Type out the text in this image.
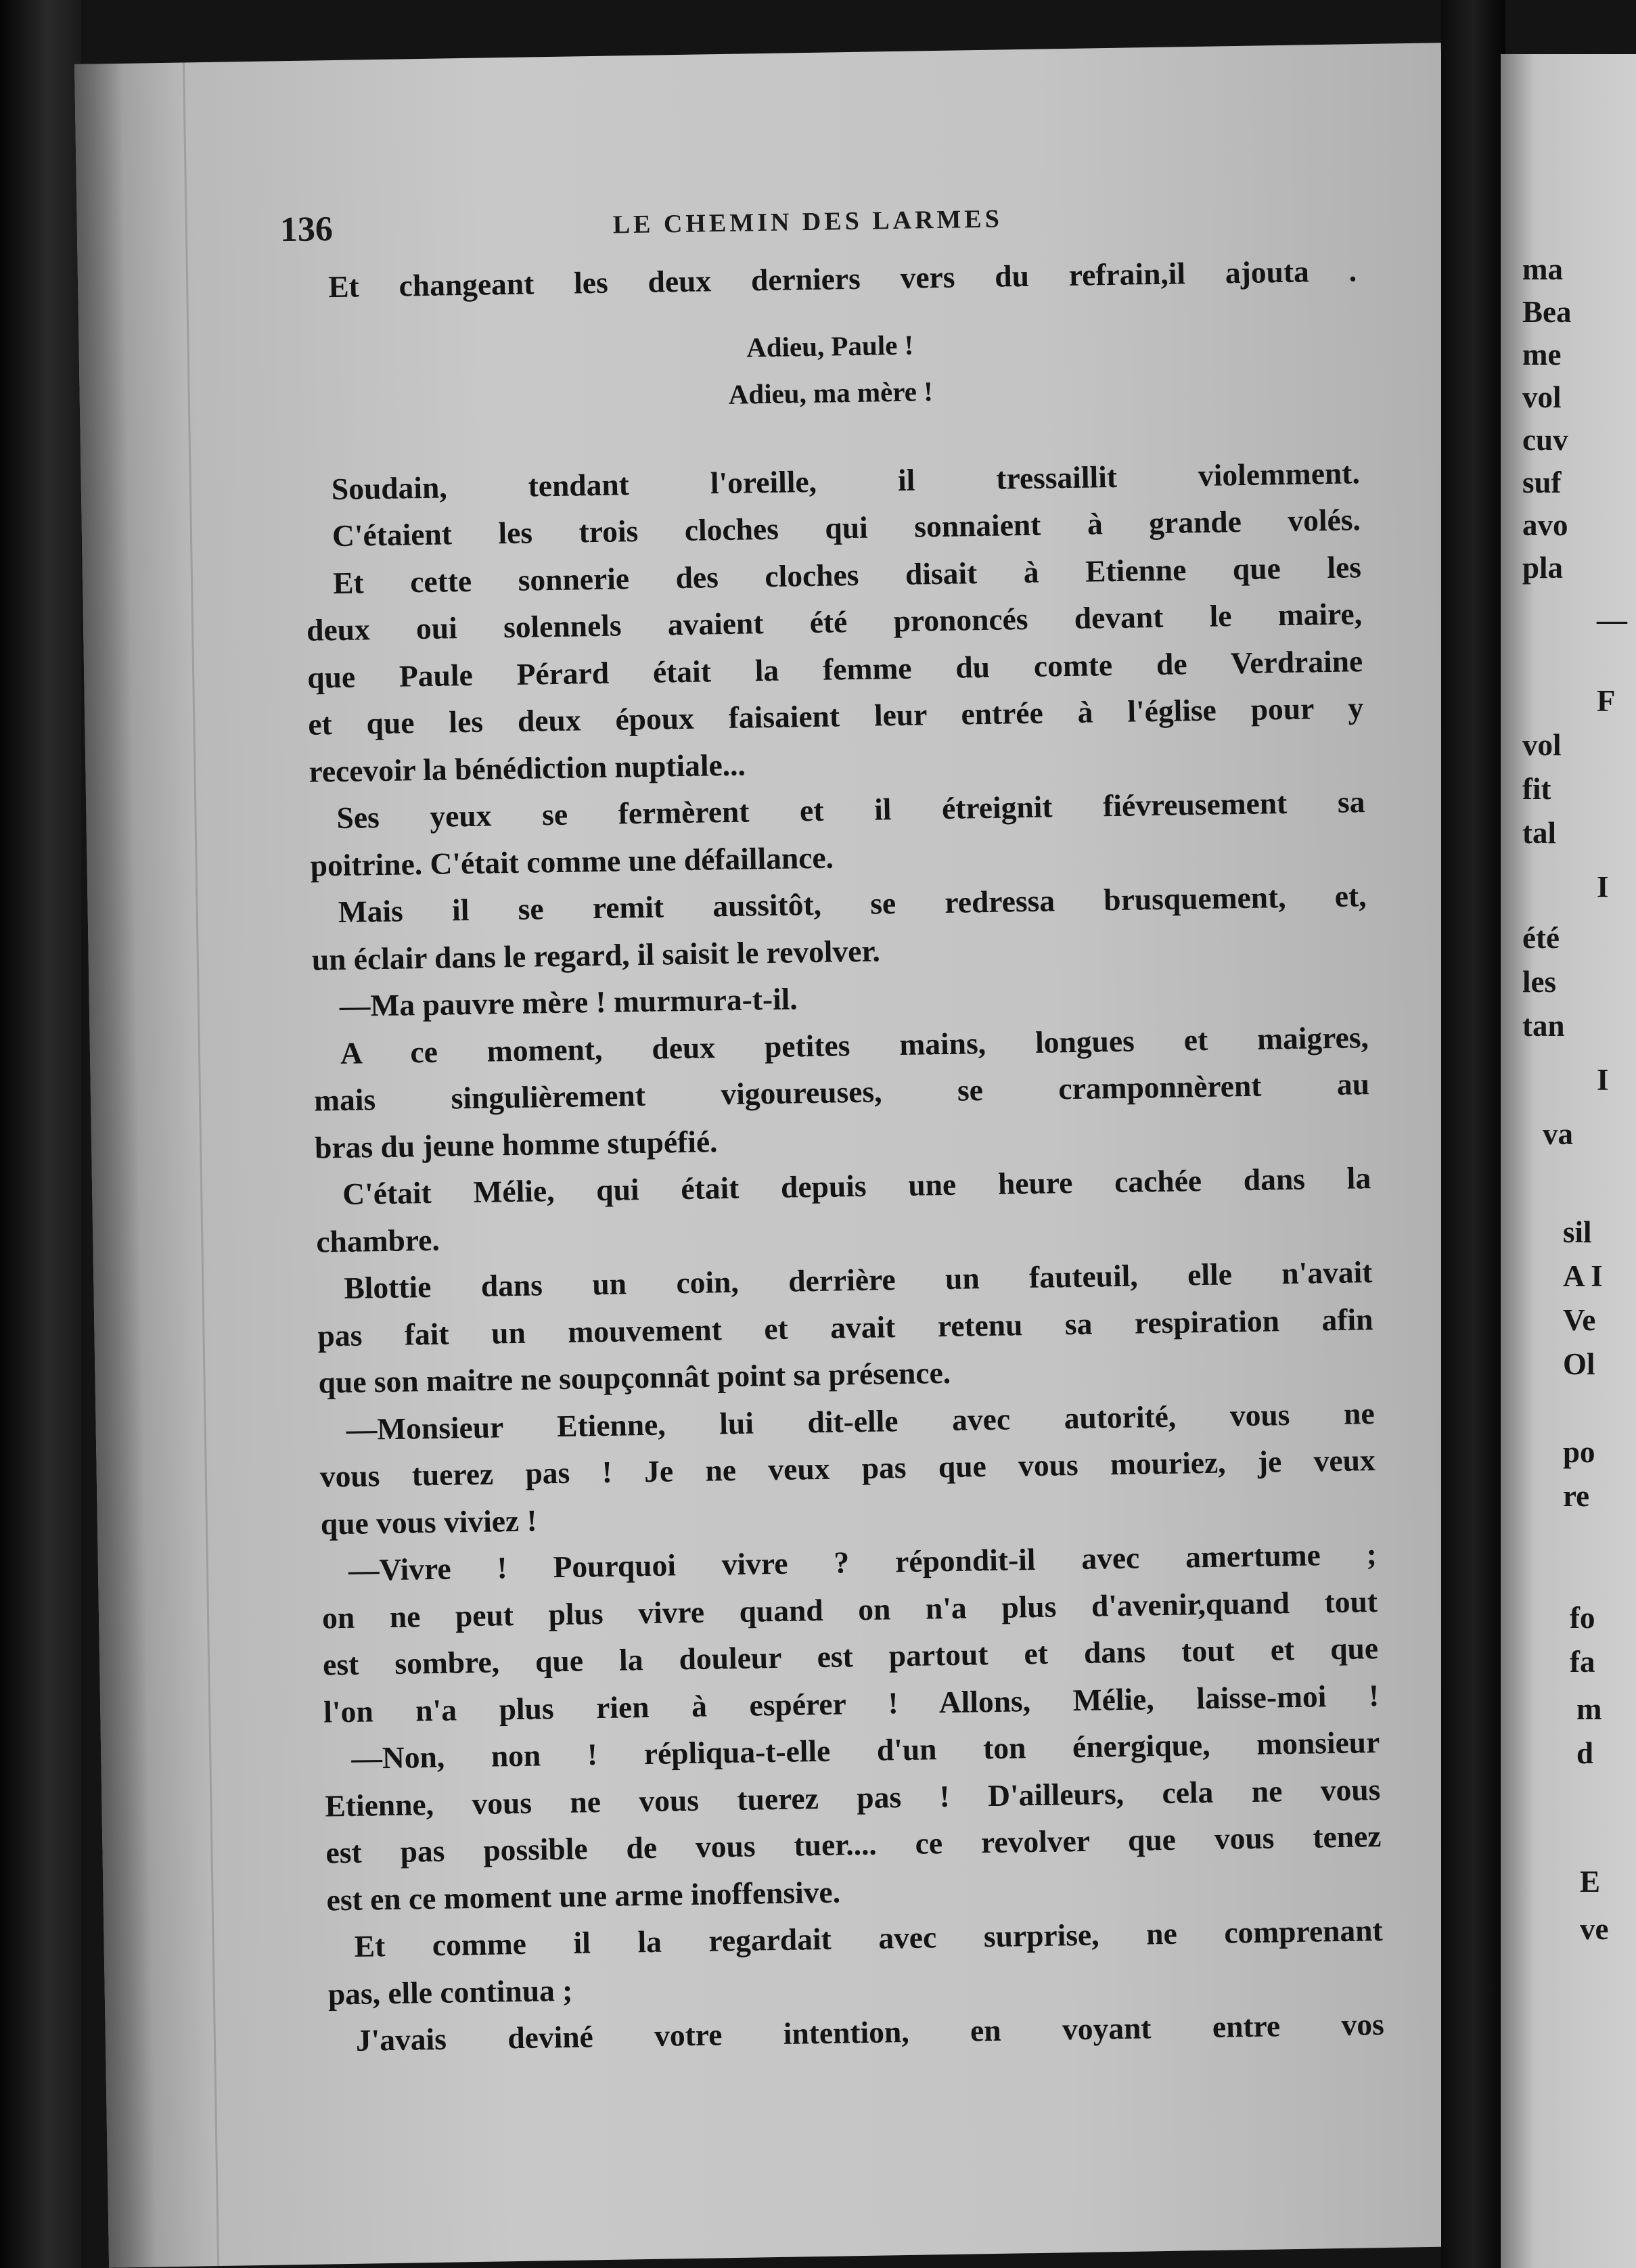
136	LE CHEMIN DES LARMES
Et changeant les deux derniers vers du refrain,il ajouta .
Adieu, Paule !
Adieu, ma mère !
Soudain, tendant l'oreille, il tressaillit violemment.
C'étaient les trois cloches qui sonnaient à grande volés.
Et cette sonnerie des cloches disait à Etienne que les
deux oui solennels avaient été prononcés devant le maire,
que Paule Pérard était la femme du comte de Verdraine
et que les deux époux faisaient leur entrée à l'église pour y
recevoir la bénédiction nuptiale...
Ses yeux se fermèrent et il étreignit fiévreusement sa
poitrine. C'était comme une défaillance.
Mais il se remit aussitôt, se redressa brusquement, et,
un éclair dans le regard, il saisit le revolver.
—Ma pauvre mère ! murmura-t-il.
A ce moment, deux petites mains, longues et maigres,
mais singulièrement vigoureuses, se cramponnèrent au
bras du jeune homme stupéfié.
C'était Mélie, qui était depuis une heure cachée dans la
chambre.
Blottie dans un coin, derrière un fauteuil, elle n'avait
pas fait un mouvement et avait retenu sa respiration afin
que son maitre ne soupçonnât point sa présence.
—Monsieur Etienne, lui dit-elle avec autorité, vous ne
vous tuerez pas ! Je ne veux pas que vous mouriez, je veux
que vous viviez !
—Vivre ! Pourquoi vivre ? répondit-il avec amertume ;
on ne peut plus vivre quand on n'a plus d'avenir,quand tout
est sombre, que la douleur est partout et dans tout et que
l'on n'a plus rien à espérer ! Allons, Mélie, laisse-moi !
—Non, non ! répliqua-t-elle d'un ton énergique, monsieur
Etienne, vous ne vous tuerez pas ! D'ailleurs, cela ne vous
est pas possible de vous tuer.... ce revolver que vous tenez
est en ce moment une arme inoffensive.
Et comme il la regardait avec surprise, ne comprenant
pas, elle continua ;
J'avais deviné votre intention, en voyant entre vos
ma
Bea
me
vol
cuv
suf
avo
pla
—
F
vol
fit
tal
I
été
les
tan
I
va
sil
A I
Ve
Ol
po
re
fo
fa
m
d
E
ve
